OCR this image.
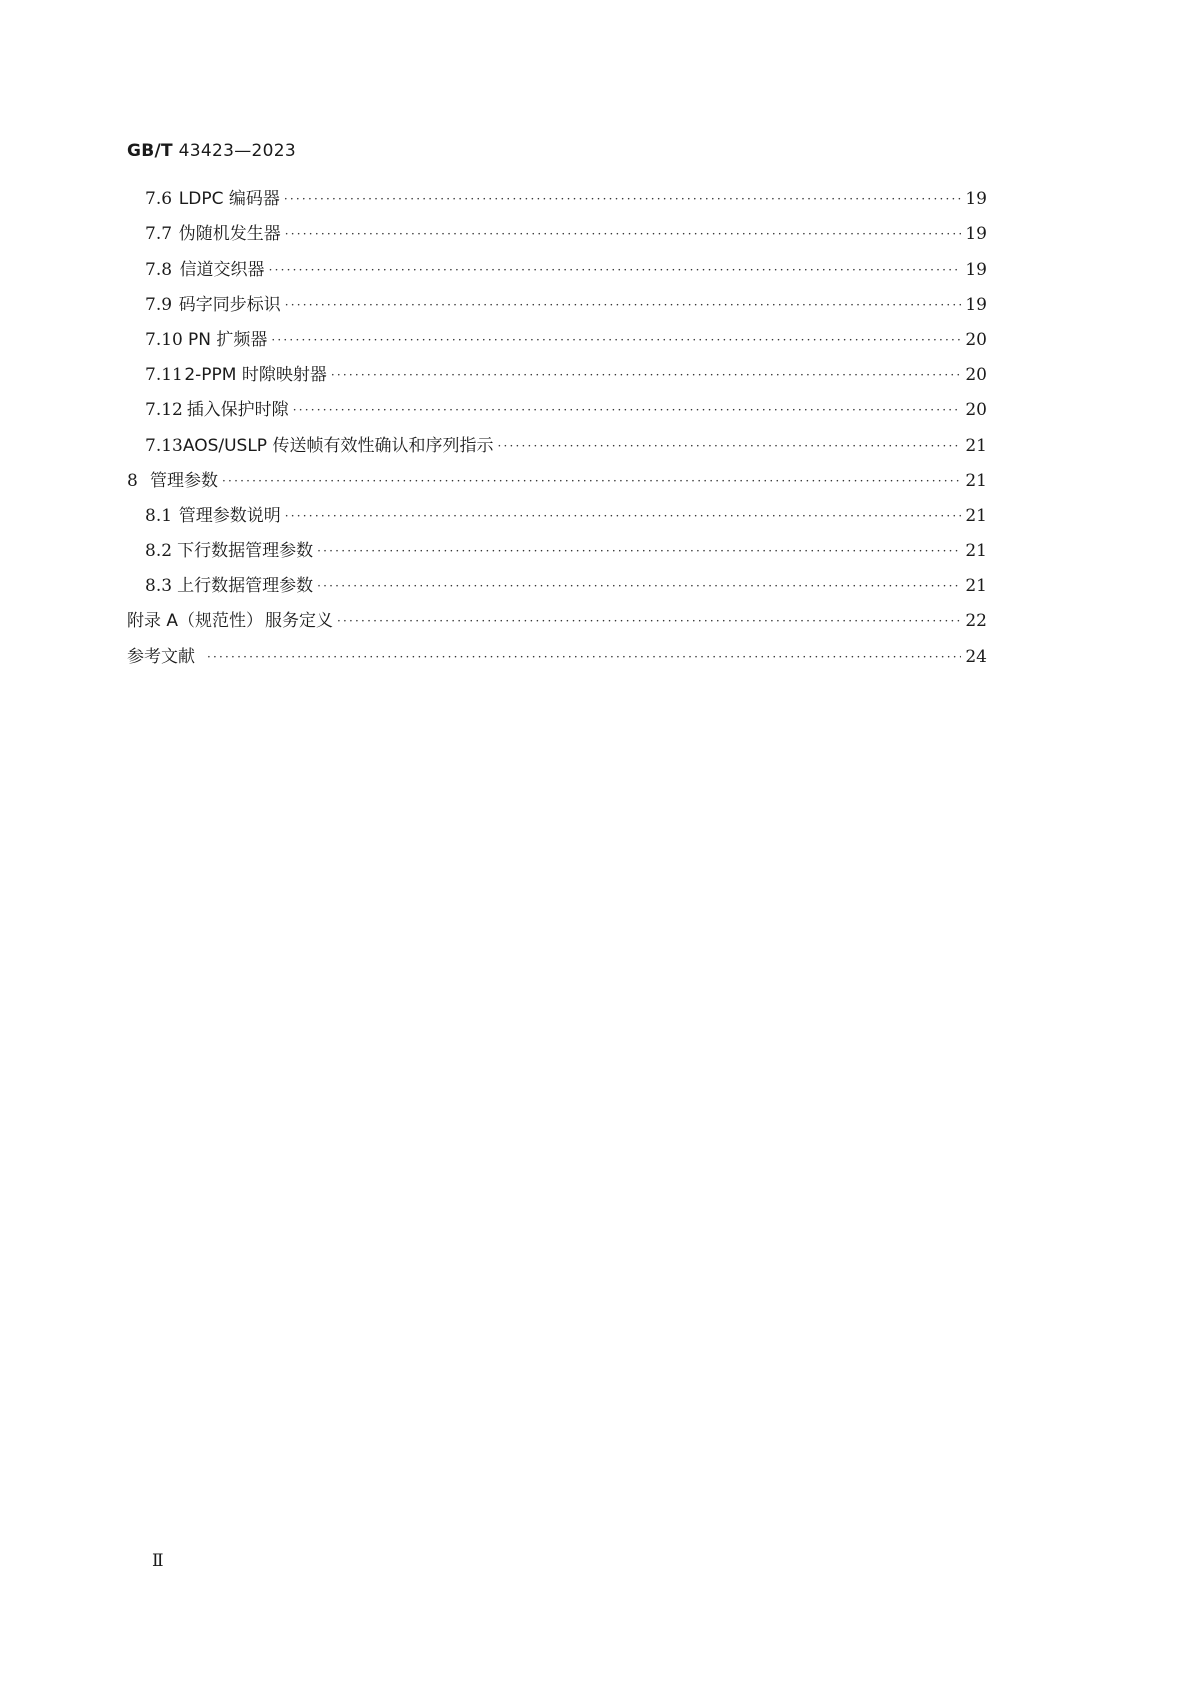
GB/T 43423—2023
7.6 LDPC 编码器 ·····	19
7.7 伪随机发生器 ·····	19
7.8 信道交织器 ·····	19
7.9 码字同步标识 ·····	19
7.10 PN 扩频器 ·····	20
7.11 2-PPM 时隙映射器 ·····	20
7.12 插入保护时隙 ·····	20
7.13 AOS/USLP 传送帧有效性确认和序列指示 ·····	21
8 管理参数 ·····	21
8.1 管理参数说明 ·····	21
8.2 下行数据管理参数 ·····	21
8.3 上行数据管理参数 ·····	21
附录 A（规范性） 服务定义 ·····	22
参考文献 ·····	24
Ⅱ
